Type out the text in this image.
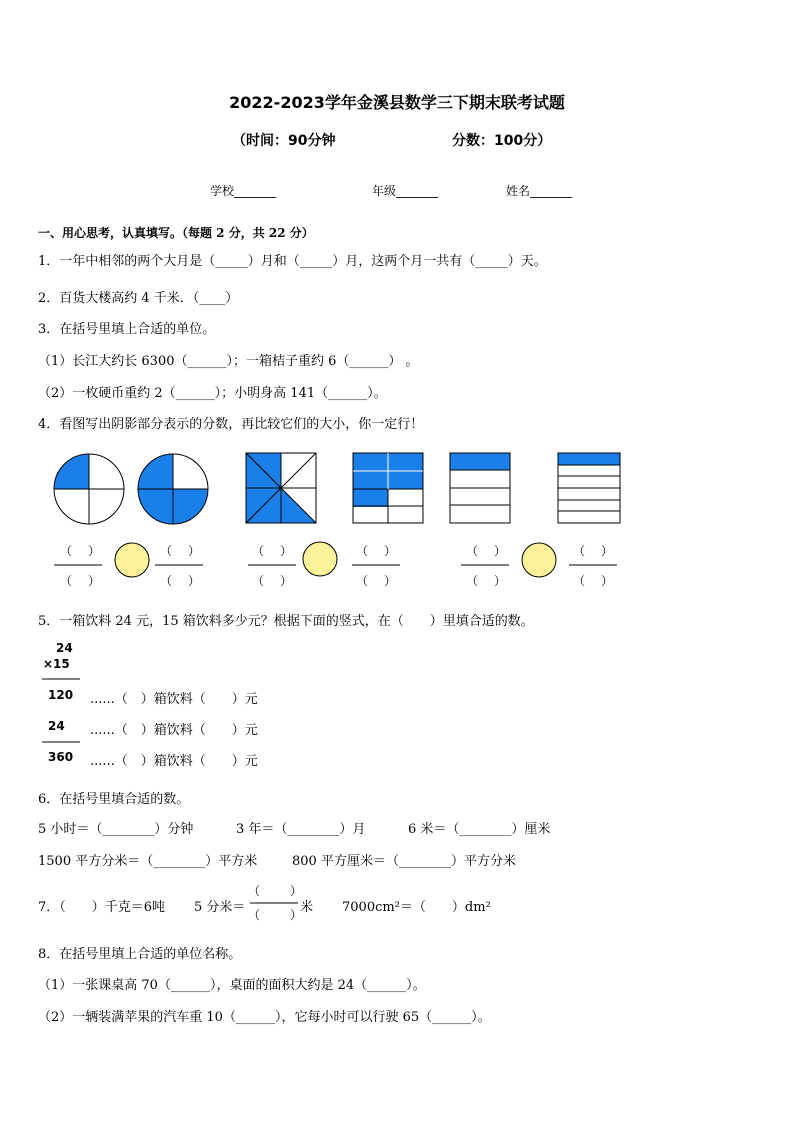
2022-2023学年金溪县数学三下期末联考试题
（时间：90分钟	分数：100分）
学校_______	年级_______	姓名_______
一、用心思考，认真填写。（每题 2 分，共 22 分）
1．一年中相邻的两个大月是（_____）月和（_____）月，这两个月一共有（_____）天。
2．百货大楼高约 4 千米．（____）
3．在括号里填上合适的单位。
（1）长江大约长 6300（______）；一箱桔子重约 6（______） 。
（2）一枚硬币重约 2（______）；小明身高 141（______）。
4．看图写出阴影部分表示的分数，再比较它们的大小，你一定行！
（　）
（　）
（　）
（　）
（　）
（　）
（　）
（　）
（　）
（　）
（　）
（　）
5．一箱饮料 24 元，15 箱饮料多少元？根据下面的竖式，在（　　）里填合适的数。
24
×15
120 ......（　）箱饮料（　　）元
24 ......（　）箱饮料（　　）元
360 ......（　）箱饮料（　　）元
6．在括号里填合适的数。
5 小时＝（________）分钟	3 年＝（________）月	6 米＝（________）厘米
1500 平方分米＝（________）平方米	800 平方厘米＝（________）平方分米
7．（　　）千克＝6吨 5 分米＝
（　　）
（　　）
米 7000cm²＝（　　）dm²
8．在括号里填上合适的单位名称。
（1）一张课桌高 70（______），桌面的面积大约是 24（______）。
（2）一辆装满苹果的汽车重 10（______），它每小时可以行驶 65（______）。
